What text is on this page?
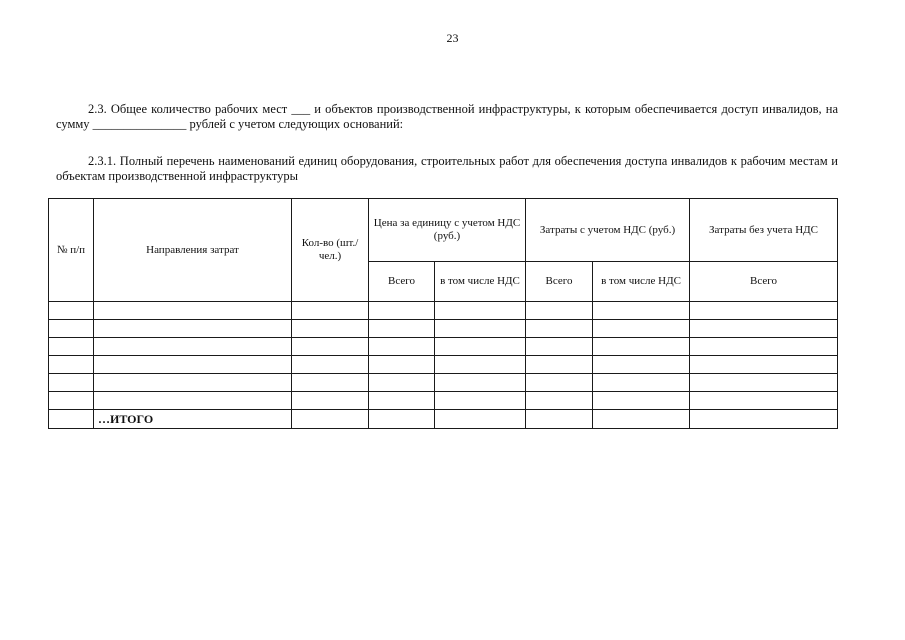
23
2.3. Общее количество рабочих мест ___ и объектов производственной инфраструктуры, к которым обеспечивается доступ инвалидов, на сумму _______________ рублей с учетом следующих оснований:
2.3.1. Полный перечень наименований единиц оборудования, строительных работ для обеспечения доступа инвалидов к рабочим местам и объектам производственной инфраструктуры
№ п/п	Направления затрат	Кол-во (шт./чел.)	Цена за единицу с учетом НДС (руб.)		Затраты с учетом НДС (руб.)		Затраты без учета НДС
			Всего	в том числе НДС	Всего	в том числе НДС	Всего

	…ИТОГО						
